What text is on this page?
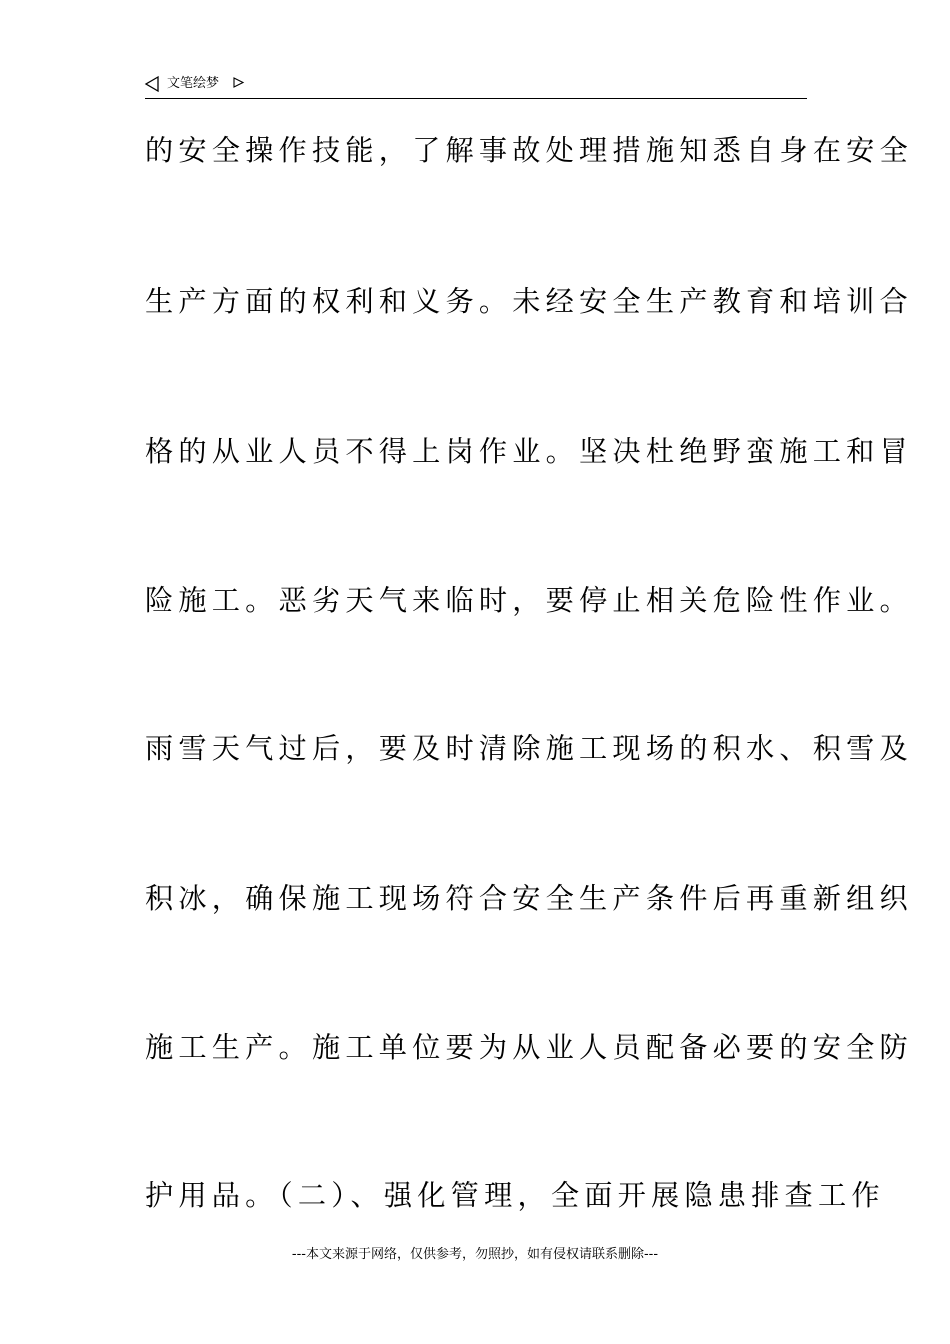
文笔绘梦
的安全操作技能，了解事故处理措施知悉自身在安全
生产方面的权利和义务。未经安全生产教育和培训合
格的从业人员不得上岗作业。坚决杜绝野蛮施工和冒
险施工。恶劣天气来临时，要停止相关危险性作业。
雨雪天气过后，要及时清除施工现场的积水、积雪及
积冰，确保施工现场符合安全生产条件后再重新组织
施工生产。施工单位要为从业人员配备必要的安全防
护用品。（二）、强化管理，全面开展隐患排查工作
---本文来源于网络，仅供参考，勿照抄，如有侵权请联系删除---
